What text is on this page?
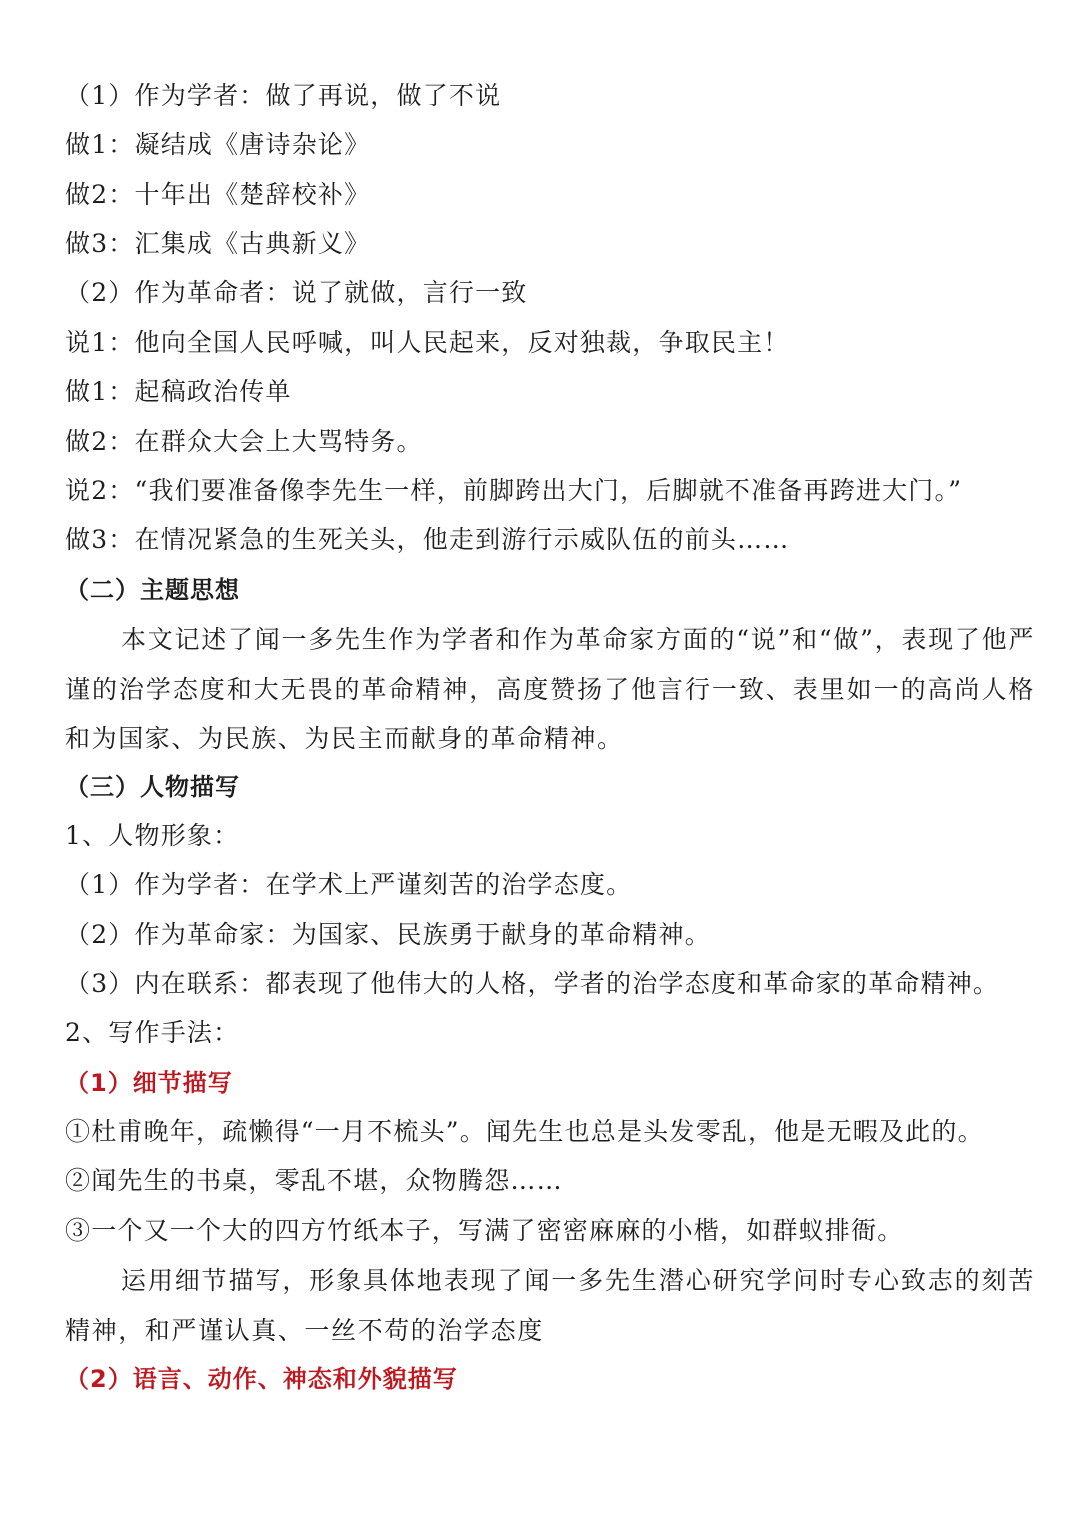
（1）作为学者：做了再说，做了不说
做1：凝结成《唐诗杂论》
做2：十年出《楚辞校补》
做3：汇集成《古典新义》
（2）作为革命者：说了就做，言行一致
说1：他向全国人民呼喊，叫人民起来，反对独裁，争取民主！
做1：起稿政治传单
做2：在群众大会上大骂特务。
说2：“我们要准备像李先生一样，前脚跨出大门，后脚就不准备再跨进大门。”
做3：在情况紧急的生死关头，他走到游行示威队伍的前头……
（二）主题思想
本文记述了闻一多先生作为学者和作为革命家方面的“说”和“做”，表现了他严谨的治学态度和大无畏的革命精神，高度赞扬了他言行一致、表里如一的高尚人格和为国家、为民族、为民主而献身的革命精神。
（三）人物描写
1、人物形象：
（1）作为学者：在学术上严谨刻苦的治学态度。
（2）作为革命家：为国家、民族勇于献身的革命精神。
（3）内在联系：都表现了他伟大的人格，学者的治学态度和革命家的革命精神。
2、写作手法：
（1）细节描写
①杜甫晚年，疏懒得“一月不梳头”。闻先生也总是头发零乱，他是无暇及此的。
②闻先生的书桌，零乱不堪，众物腾怨……
③一个又一个大的四方竹纸本子，写满了密密麻麻的小楷，如群蚁排衙。
运用细节描写，形象具体地表现了闻一多先生潜心研究学问时专心致志的刻苦精神，和严谨认真、一丝不苟的治学态度
（2）语言、动作、神态和外貌描写
